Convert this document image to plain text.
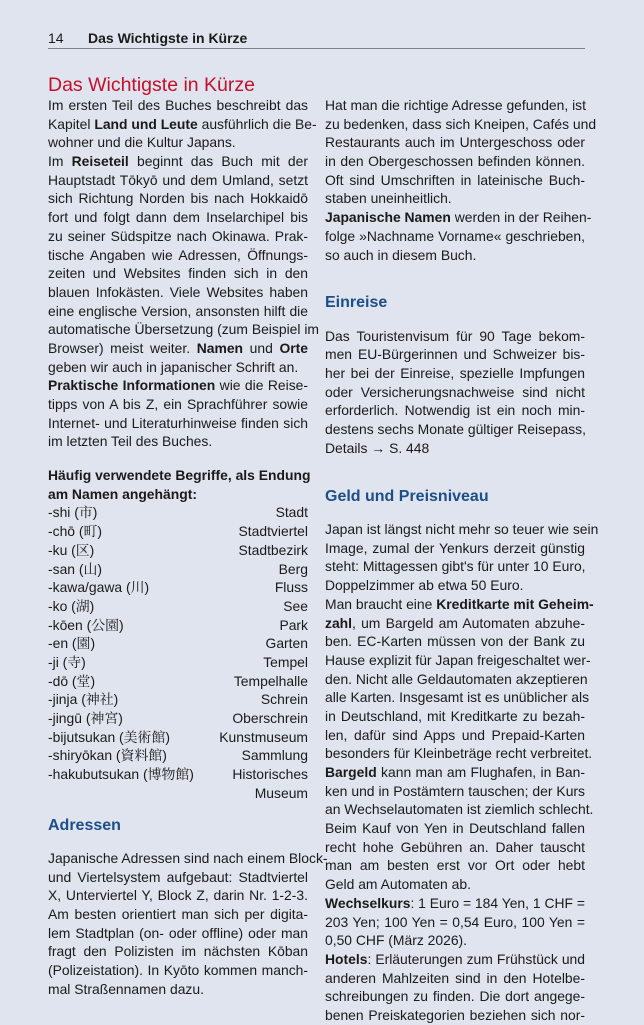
14 Das Wichtigste in Kürze
Das Wichtigste in Kürze
Im ersten Teil des Buches beschreibt das
Kapitel Land und Leute ausführlich die Be-
wohner und die Kultur Japans.
Im Reiseteil beginnt das Buch mit der
Hauptstadt Tōkyō und dem Umland, setzt
sich Richtung Norden bis nach Hokkaidō
fort und folgt dann dem Inselarchipel bis
zu seiner Südspitze nach Okinawa. Prak-
tische Angaben wie Adressen, Öffnungs-
zeiten und Websites finden sich in den
blauen Infokästen. Viele Websites haben
eine englische Version, ansonsten hilft die
automatische Übersetzung (zum Beispiel im
Browser) meist weiter. Namen und Orte
geben wir auch in japanischer Schrift an.
Praktische Informationen wie die Reise-
tipps von A bis Z, ein Sprachführer sowie
Internet- und Literaturhinweise finden sich
im letzten Teil des Buches.
Häufig verwendete Begriffe, als Endung
am Namen angehängt:
-shi (市)	Stadt
-chō (町)	Stadtviertel
-ku (区)	Stadtbezirk
-san (山)	Berg
-kawa/gawa (川)	Fluss
-ko (湖)	See
-kōen (公園)	Park
-en (園)	Garten
-ji (寺)	Tempel
-dō (堂)	Tempelhalle
-jinja (神社)	Schrein
-jingū (神宮)	Oberschrein
-bijutsukan (美術館)	Kunstmuseum
-shiryōkan (資料館)	Sammlung
-hakubutsukan (博物館)	Historisches
Museum
Adressen
Japanische Adressen sind nach einem Block-
und Viertelsystem aufgebaut: Stadtviertel
X, Unterviertel Y, Block Z, darin Nr. 1-2-3.
Am besten orientiert man sich per digita-
lem Stadtplan (on- oder offline) oder man
fragt den Polizisten im nächsten Kōban
(Polizeistation). In Kyōto kommen manch-
mal Straßennamen dazu.
Hat man die richtige Adresse gefunden, ist
zu bedenken, dass sich Kneipen, Cafés und
Restaurants auch im Untergeschoss oder
in den Obergeschossen befinden können.
Oft sind Umschriften in lateinische Buch-
staben uneinheitlich.
Japanische Namen werden in der Reihen-
folge »Nachname Vorname« geschrieben,
so auch in diesem Buch.
Einreise
Das Touristenvisum für 90 Tage bekom-
men EU-Bürgerinnen und Schweizer bis-
her bei der Einreise, spezielle Impfungen
oder Versicherungsnachweise sind nicht
erforderlich. Notwendig ist ein noch min-
destens sechs Monate gültiger Reisepass,
Details → S. 448
Geld und Preisniveau
Japan ist längst nicht mehr so teuer wie sein
Image, zumal der Yenkurs derzeit günstig
steht: Mittagessen gibt's für unter 10 Euro,
Doppelzimmer ab etwa 50 Euro.
Man braucht eine Kreditkarte mit Geheim-
zahl, um Bargeld am Automaten abzuhe-
ben. EC-Karten müssen von der Bank zu
Hause explizit für Japan freigeschaltet wer-
den. Nicht alle Geldautomaten akzeptieren
alle Karten. Insgesamt ist es unüblicher als
in Deutschland, mit Kreditkarte zu bezah-
len, dafür sind Apps und Prepaid-Karten
besonders für Kleinbeträge recht verbreitet.
Bargeld kann man am Flughafen, in Ban-
ken und in Postämtern tauschen; der Kurs
an Wechselautomaten ist ziemlich schlecht.
Beim Kauf von Yen in Deutschland fallen
recht hohe Gebühren an. Daher tauscht
man am besten erst vor Ort oder hebt
Geld am Automaten ab.
Wechselkurs: 1 Euro = 184 Yen, 1 CHF =
203 Yen; 100 Yen = 0,54 Euro, 100 Yen =
0,50 CHF (März 2026).
Hotels: Erläuterungen zum Frühstück und
anderen Mahlzeiten sind in den Hotelbe-
schreibungen zu finden. Die dort angege-
benen Preiskategorien beziehen sich nor-
